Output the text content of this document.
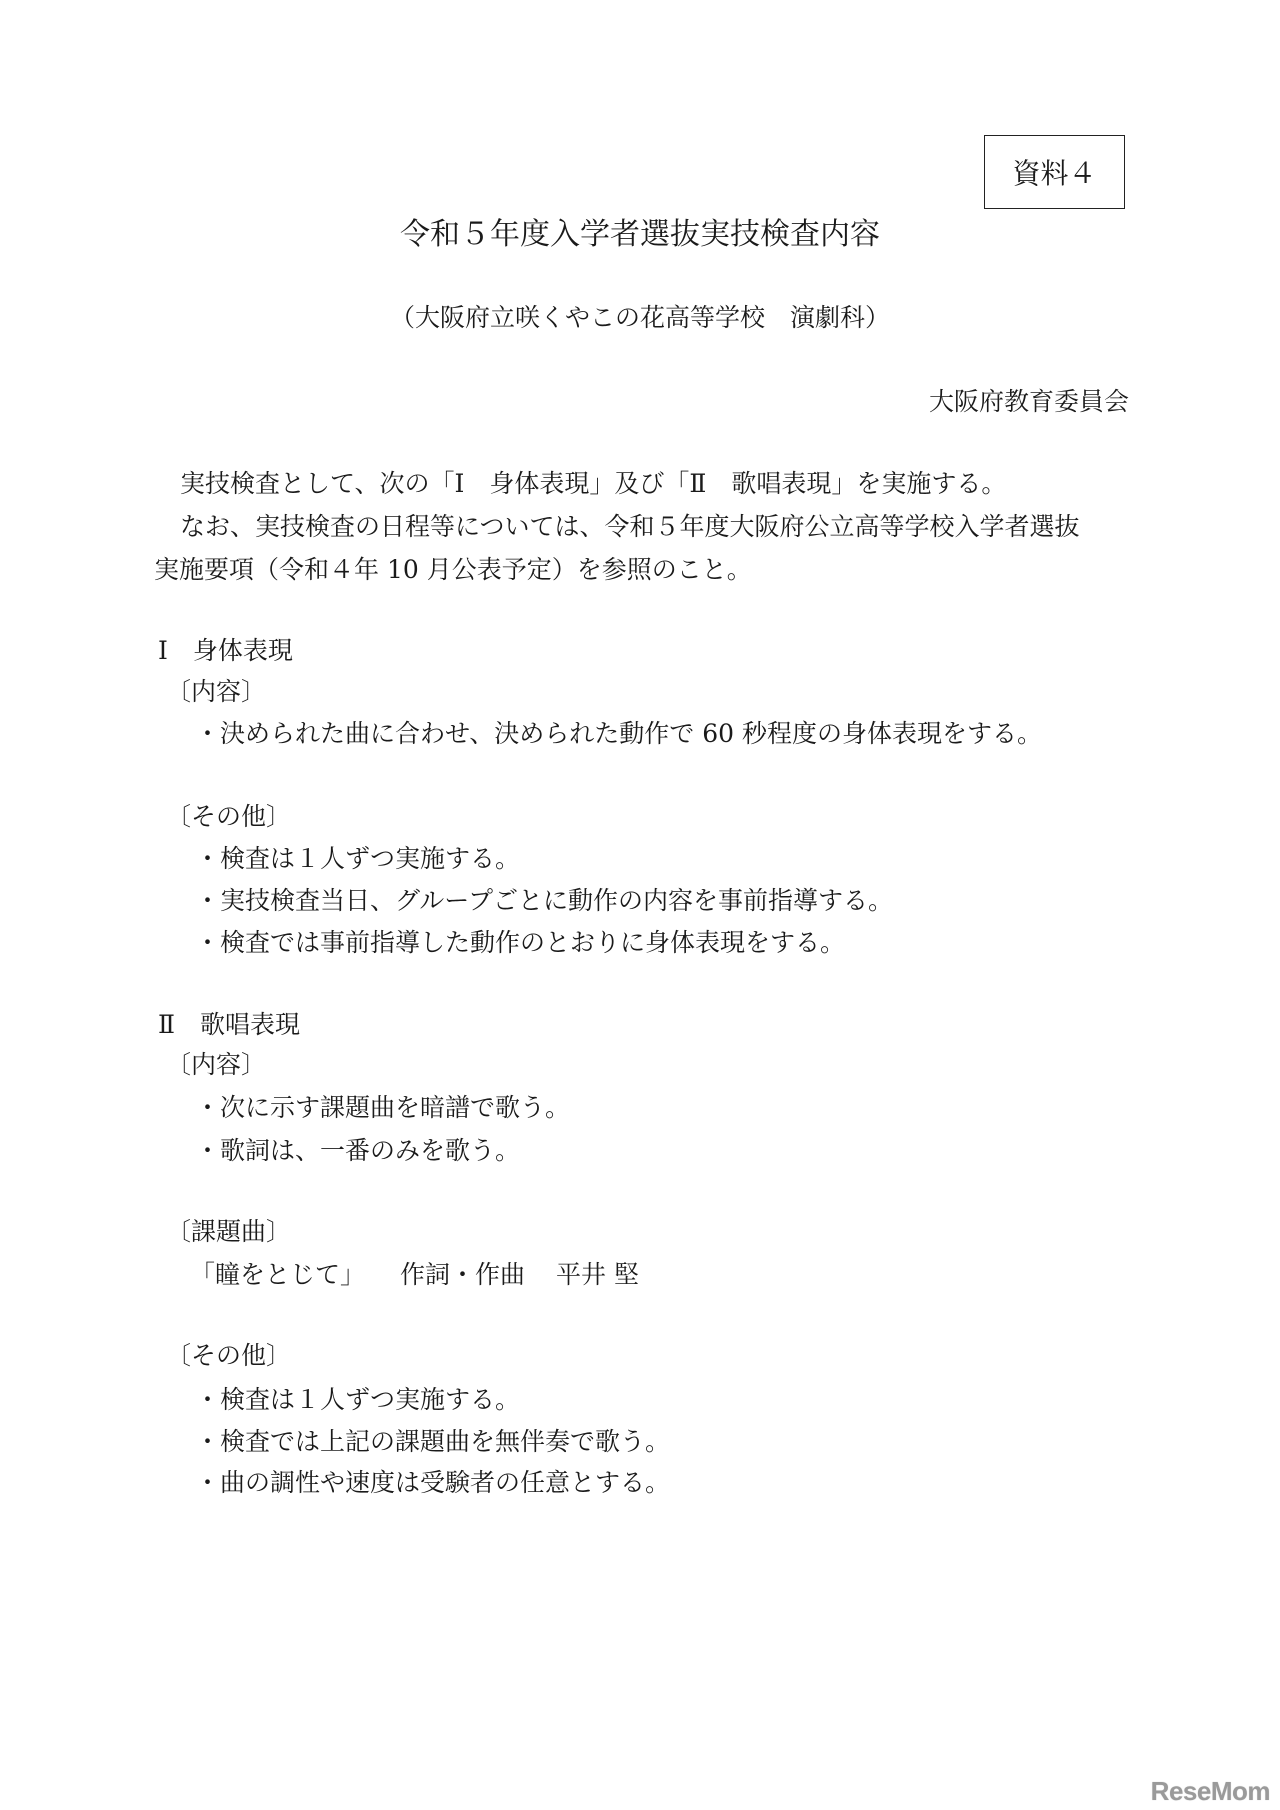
資料４
令和５年度入学者選抜実技検査内容
（大阪府立咲くやこの花高等学校　演劇科）
大阪府教育委員会
実技検査として、次の「Ⅰ　身体表現」及び「Ⅱ　歌唱表現」を実施する。
なお、実技検査の日程等については、令和５年度大阪府公立高等学校入学者選抜
実施要項（令和４年 10 月公表予定）を参照のこと。
Ⅰ　身体表現
〔内容〕
・決められた曲に合わせ、決められた動作で 60 秒程度の身体表現をする。
〔その他〕
・検査は１人ずつ実施する。
・実技検査当日、グループごとに動作の内容を事前指導する。
・検査では事前指導した動作のとおりに身体表現をする。
Ⅱ　歌唱表現
〔内容〕
・次に示す課題曲を暗譜で歌う。
・歌詞は、一番のみを歌う。
〔課題曲〕
「瞳をとじて」 作詞・作曲 平井 堅
〔その他〕
・検査は１人ずつ実施する。
・検査では上記の課題曲を無伴奏で歌う。
・曲の調性や速度は受験者の任意とする。
ReseMom
